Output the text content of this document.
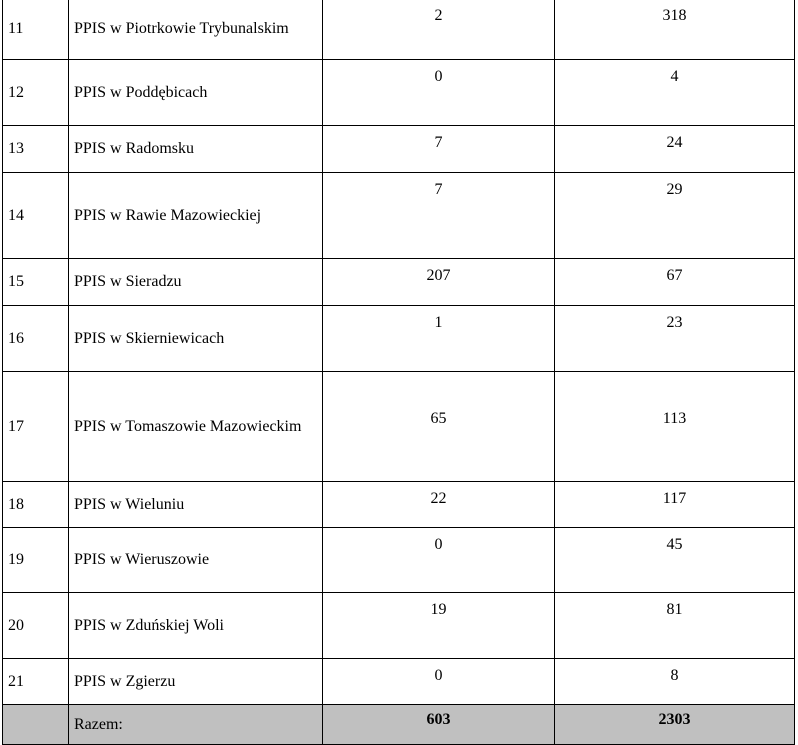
11	PPIS w Piotrkowie Trybunalskim	2	318
12	PPIS w Poddębicach	0	4
13	PPIS w Radomsku	7	24
14	PPIS w Rawie Mazowieckiej	7	29
15	PPIS w Sieradzu	207	67
16	PPIS w Skierniewicach	1	23
17	PPIS w Tomaszowie Mazowieckim	65	113
18	PPIS w Wieluniu	22	117
19	PPIS w Wieruszowie	0	45
20	PPIS w Zduńskiej Woli	19	81
21	PPIS w Zgierzu	0	8
	Razem:	603	2303
